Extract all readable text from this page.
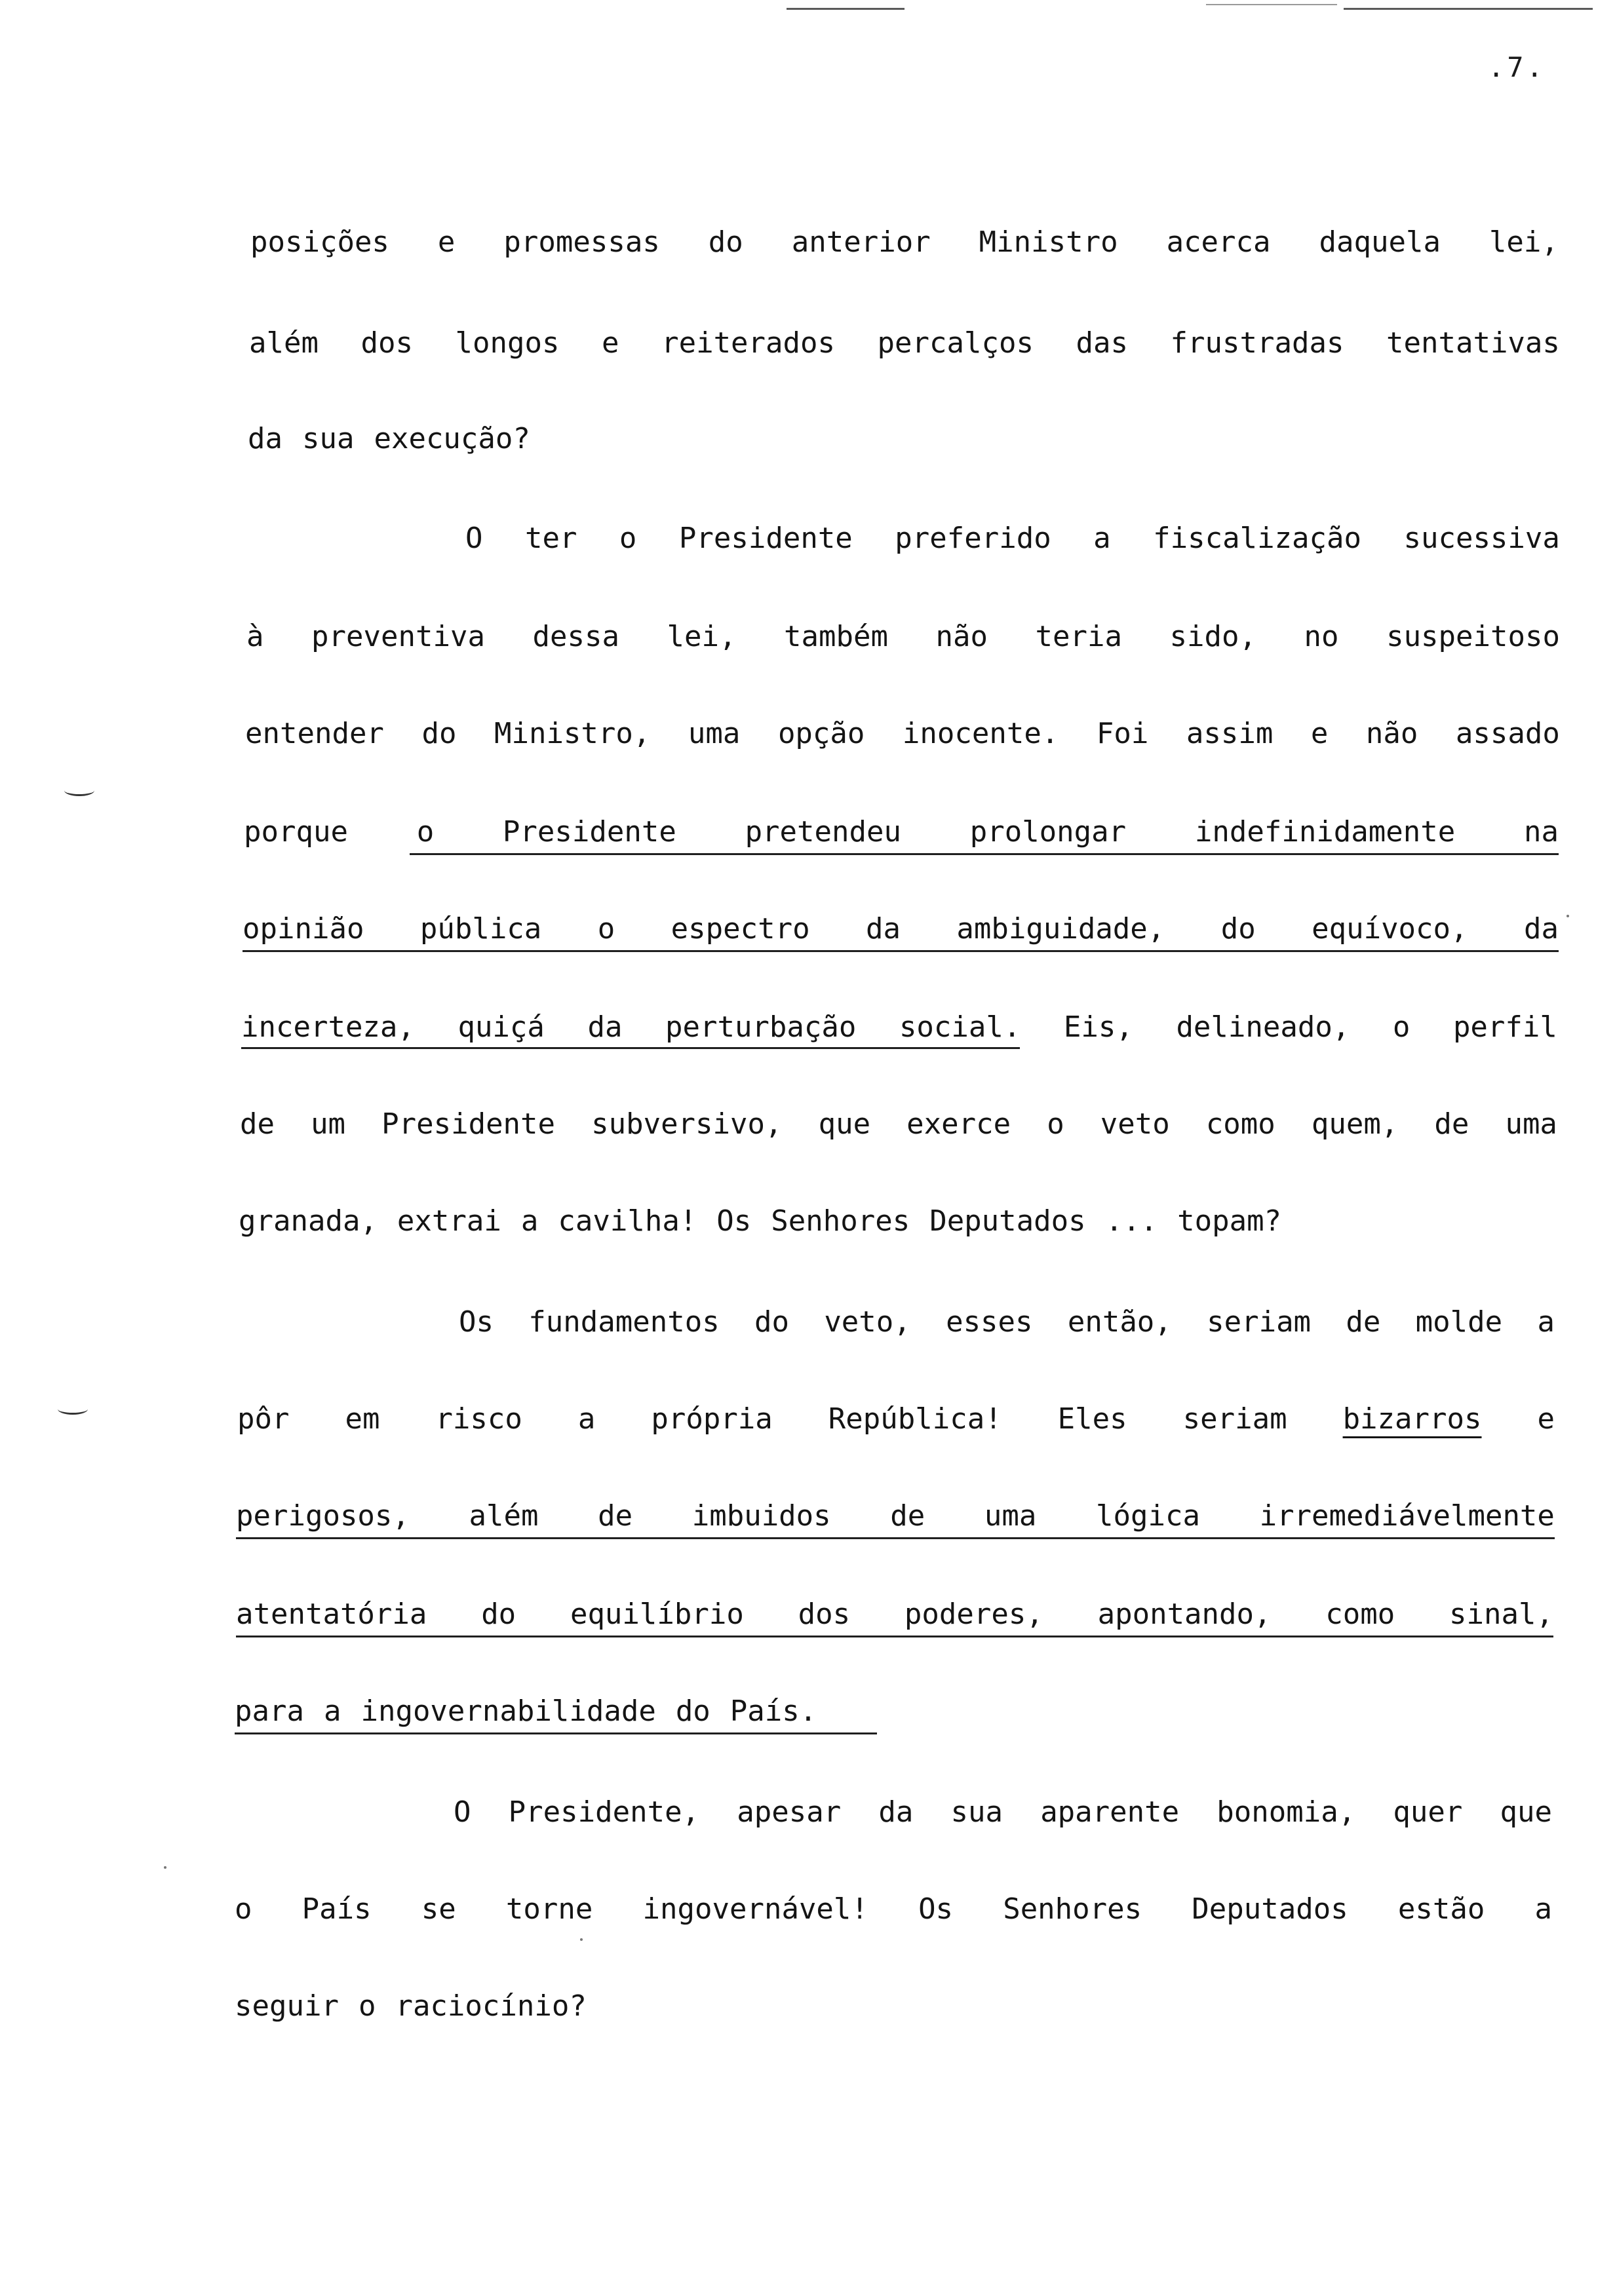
.7.
posições e promessas do anterior Ministro acerca daquela lei,
além dos longos e reiterados percalços das frustradas tentativas
da sua execução?
O ter o Presidente preferido a fiscalização sucessiva
à preventiva dessa lei, também não teria sido, no suspeitoso
entender do Ministro, uma opção inocente. Foi assim e não assado
porque o Presidente pretendeu prolongar indefinidamente na
opinião pública o espectro da ambiguidade, do equívoco, da
incerteza, quiçá da perturbação social. Eis, delineado, o perfil
de um Presidente subversivo, que exerce o veto como quem, de uma
granada, extrai a cavilha! Os Senhores Deputados ... topam?
Os fundamentos do veto, esses então, seriam de molde a
pôr em risco a própria República! Eles seriam bizarros e
perigosos, além de imbuidos de uma lógica irremediávelmente
atentatória do equilíbrio dos poderes, apontando, como sinal,
para a ingovernabilidade do País.
O Presidente, apesar da sua aparente bonomia, quer que
o País se torne ingovernável! Os Senhores Deputados estão a
seguir o raciocínio?
